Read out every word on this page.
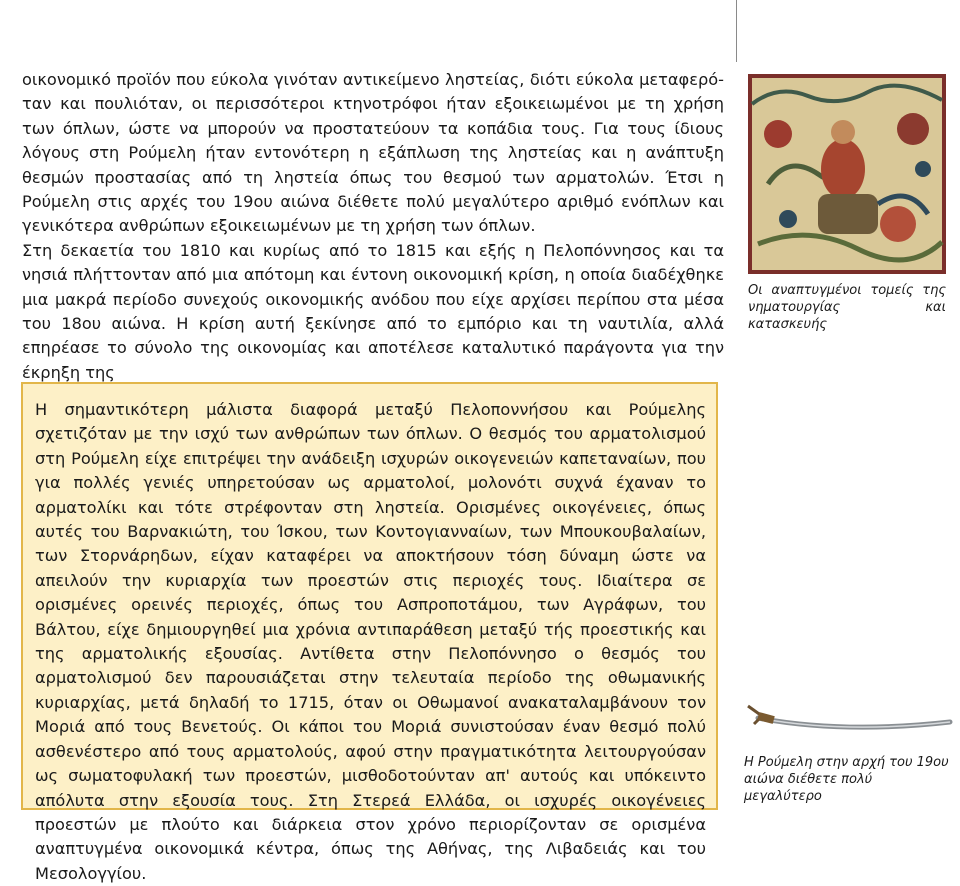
οικονομικό προϊόν που εύκολα γινόταν αντικείμενο ληστείας, διότι εύκολα μεταφερόταν και πουλιόταν, οι περισσότεροι κτηνοτρόφοι ήταν εξοικειωμένοι με τη χρήση των όπλων, ώστε να μπορούν να προστατεύουν τα κοπάδια τους. Για τους ίδιους λόγους στη Ρούμελη ήταν εντονότερη η εξάπλωση της ληστείας και η ανάπτυξη θεσμών προστασίας από τη ληστεία όπως του θεσμού των αρματολών. Έτσι η Ρούμελη στις αρχές του 19ου αιώνα διέθετε πολύ μεγαλύτερο αριθμό ενόπλων και γενικότερα ανθρώπων εξοικειωμένων με τη χρήση των όπλων.

Στη δεκαετία του 1810 και κυρίως από το 1815 και εξής η Πελοπόννησος και τα νησιά πλήττονταν από μια απότομη και έντονη οικονομική κρίση, η οποία διαδέχθηκε μια μακρά περίοδο συνεχούς οικονομικής ανόδου που είχε αρχίσει περίπου στα μέσα του 18ου αιώνα. Η κρίση αυτή ξεκίνησε από το εμπόριο και τη ναυτιλία, αλλά επηρέασε το σύνολο της οικονομίας και αποτέλεσε καταλυτικό παράγοντα για την έκρηξη της

Οι αναπτυγμένοι τομείς της νηματουργίας και κατασκευής

Η σημαντικότερη μάλιστα διαφορά μεταξύ Πελοποννήσου και Ρούμελης σχετιζόταν με την ισχύ των ανθρώπων των όπλων. Ο θεσμός του αρματολισμού στη Ρούμελη είχε επιτρέψει την ανάδειξη ισχυρών οικογενειών καπεταναίων, που για πολλές γενιές υπηρετούσαν ως αρματολοί, μολονότι συχνά έχαναν το αρματολίκι και τότε στρέφονταν στη ληστεία. Ορισμένες οικογένειες, όπως αυτές του Βαρνακιώτη, του Ίσκου, των Κοντογιανναίων, των Μπουκουβαλαίων, των Στορνάρηδων, είχαν καταφέρει να αποκτήσουν τόση δύναμη ώστε να απειλούν την κυριαρχία των προεστών στις περιοχές τους. Ιδιαίτερα σε ορισμένες ορεινές περιοχές, όπως του Ασπροποτάμου, των Αγράφων, του Βάλτου, είχε δημιουργηθεί μια χρόνια αντιπαράθεση μεταξύ τής προεστικής και της αρματολικής εξουσίας. Αντίθετα στην Πελοπόννησο ο θεσμός του αρματολισμού δεν παρουσιάζεται στην τελευταία περίοδο της οθωμανικής κυριαρχίας, μετά δηλαδή το 1715, όταν οι Οθωμανοί ανακαταλαμβάνουν τον Μοριά από τους Βενετούς. Οι κάποι του Μοριά συνιστούσαν έναν θεσμό πολύ ασθενέστερο από τους αρματολούς, αφού στην πραγματικότητα λειτουργούσαν ως σωματοφυλακή των προεστών, μισθοδοτούνταν απ' αυτούς και υπόκειντο απόλυτα στην εξουσία τους. Στη Στερεά Ελλάδα, οι ισχυρές οικογένειες προεστών με πλούτο και διάρκεια στον χρόνο περιορίζονταν σε ορισμένα αναπτυγμένα οικονομικά κέντρα, όπως της Αθήνας, της Λιβαδειάς και του Μεσολογγίου.

Η Ρούμελη στην αρχή του 19ου αιώνα διέθετε πολύ μεγαλύτερο
